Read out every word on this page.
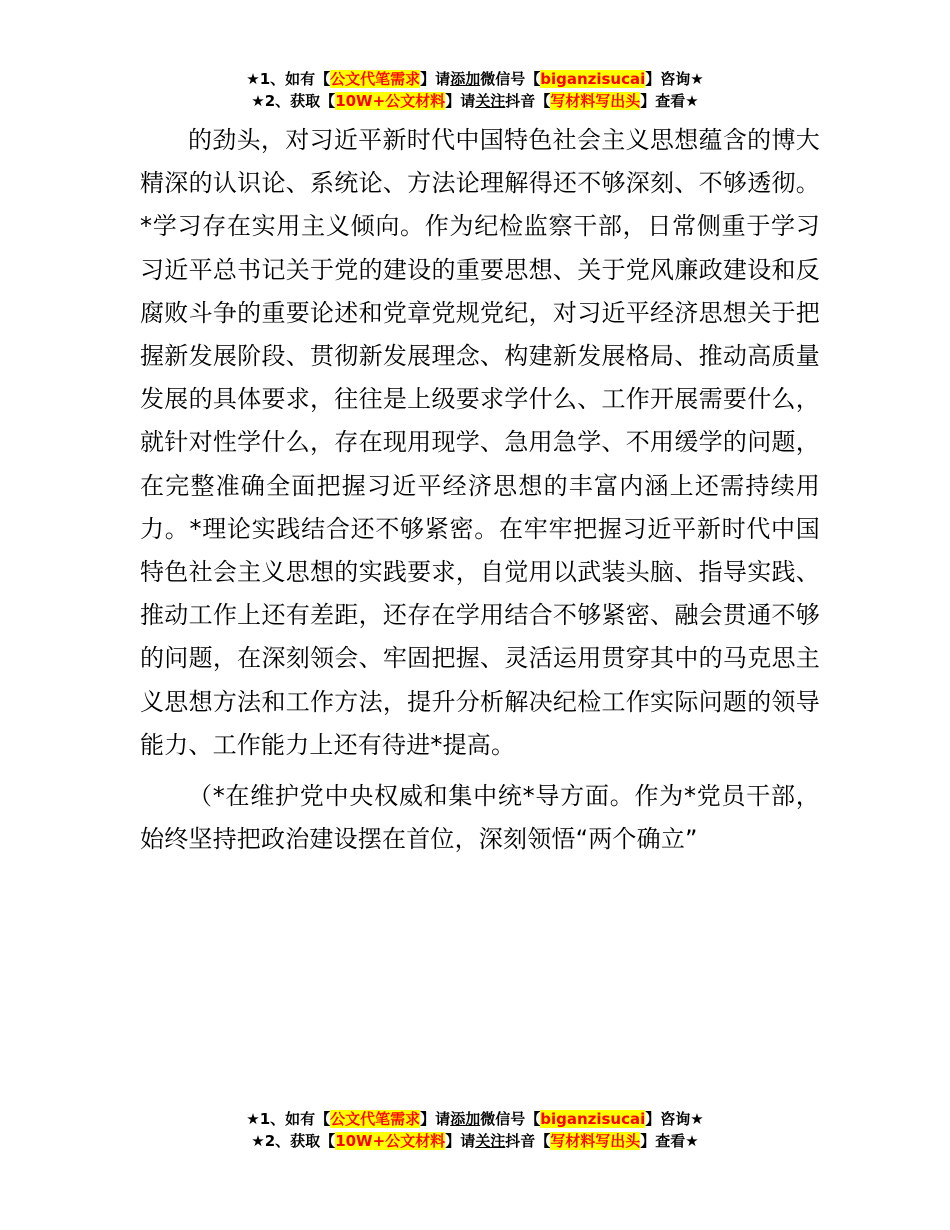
★1、如有【公文代笔需求】请添加微信号【biganzisucai】咨询★
★2、获取【10W+公文材料】请关注抖音【写材料写出头】查看★

的劲头，对习近平新时代中国特色社会主义思想蕴含的博大精深的认识论、系统论、方法论理解得还不够深刻、不够透彻。*学习存在实用主义倾向。作为纪检监察干部，日常侧重于学习习近平总书记关于党的建设的重要思想、关于党风廉政建设和反腐败斗争的重要论述和党章党规党纪，对习近平经济思想关于把握新发展阶段、贯彻新发展理念、构建新发展格局、推动高质量发展的具体要求，往往是上级要求学什么、工作开展需要什么，就针对性学什么，存在现用现学、急用急学、不用缓学的问题，在完整准确全面把握习近平经济思想的丰富内涵上还需持续用力。*理论实践结合还不够紧密。在牢牢把握习近平新时代中国特色社会主义思想的实践要求，自觉用以武装头脑、指导实践、推动工作上还有差距，还存在学用结合不够紧密、融会贯通不够的问题，在深刻领会、牢固把握、灵活运用贯穿其中的马克思主义思想方法和工作方法，提升分析解决纪检工作实际问题的领导能力、工作能力上还有待进*提高。

（*在维护党中央权威和集中统*导方面。作为*党员干部，始终坚持把政治建设摆在首位，深刻领悟“两个确立”

★1、如有【公文代笔需求】请添加微信号【biganzisucai】咨询★
★2、获取【10W+公文材料】请关注抖音【写材料写出头】查看★
